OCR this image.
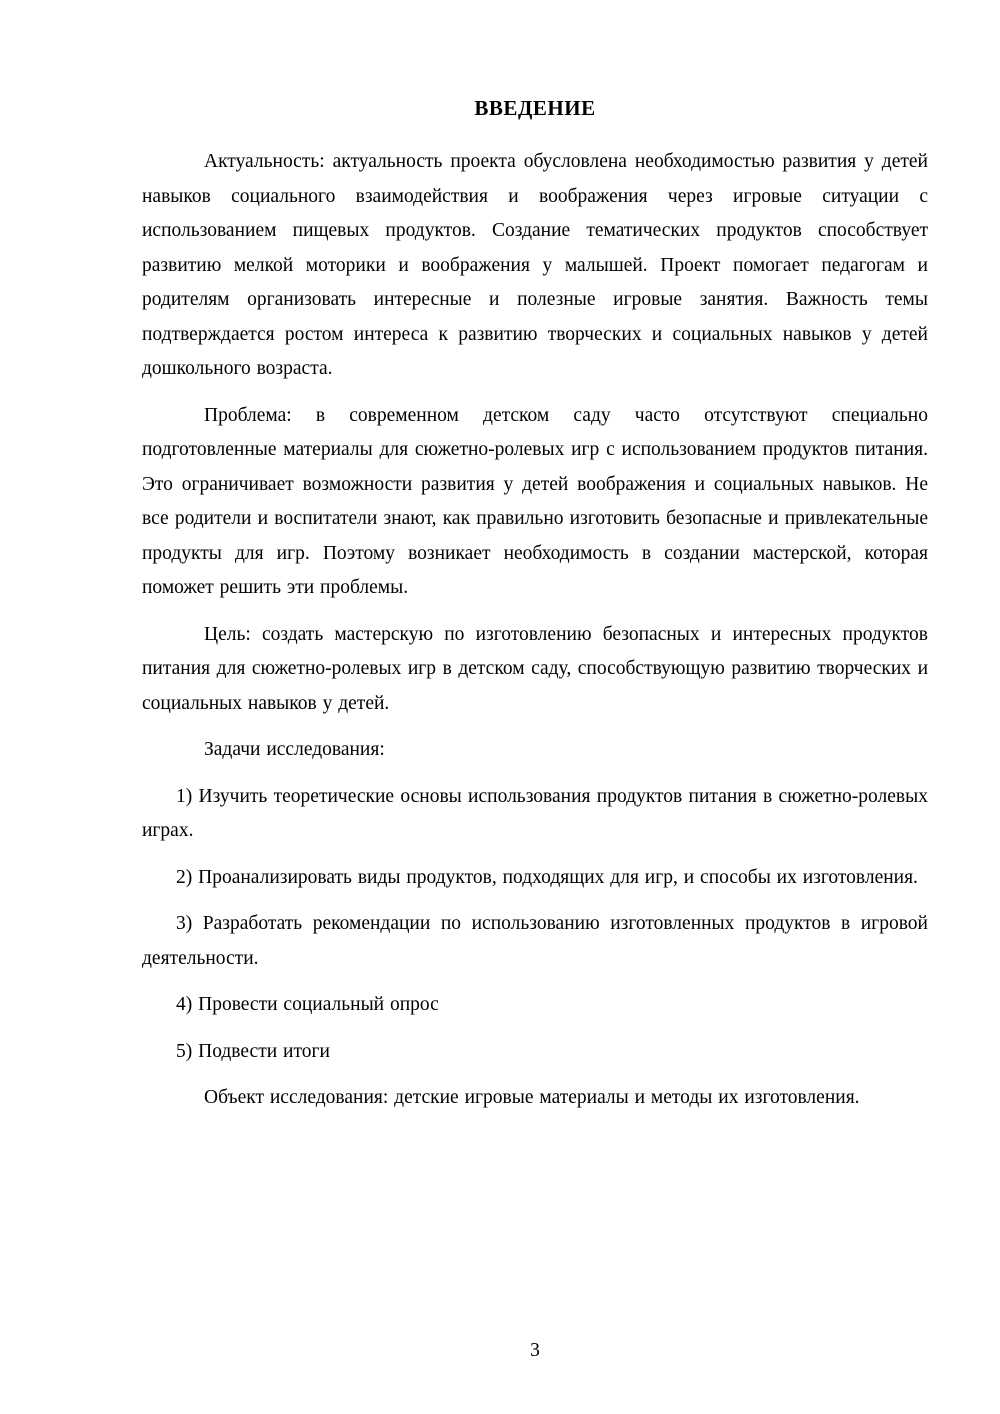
ВВЕДЕНИЕ

Актуальность: актуальность проекта обусловлена необходимостью развития у детей навыков социального взаимодействия и воображения через игровые ситуации с использованием пищевых продуктов. Создание тематических продуктов способствует развитию мелкой моторики и воображения у малышей. Проект помогает педагогам и родителям организовать интересные и полезные игровые занятия. Важность темы подтверждается ростом интереса к развитию творческих и социальных навыков у детей дошкольного возраста.

Проблема: в современном детском саду часто отсутствуют специально подготовленные материалы для сюжетно-ролевых игр с использованием продуктов питания. Это ограничивает возможности развития у детей воображения и социальных навыков. Не все родители и воспитатели знают, как правильно изготовить безопасные и привлекательные продукты для игр. Поэтому возникает необходимость в создании мастерской, которая поможет решить эти проблемы.

Цель: создать мастерскую по изготовлению безопасных и интересных продуктов питания для сюжетно-ролевых игр в детском саду, способствующую развитию творческих и социальных навыков у детей.

Задачи исследования:

1) Изучить теоретические основы использования продуктов питания в сюжетно-ролевых играх.

2) Проанализировать виды продуктов, подходящих для игр, и способы их изготовления.

3) Разработать рекомендации по использованию изготовленных продуктов в игровой деятельности.

4) Провести социальный опрос

5) Подвести итоги

Объект исследования: детские игровые материалы и методы их изготовления.

3
